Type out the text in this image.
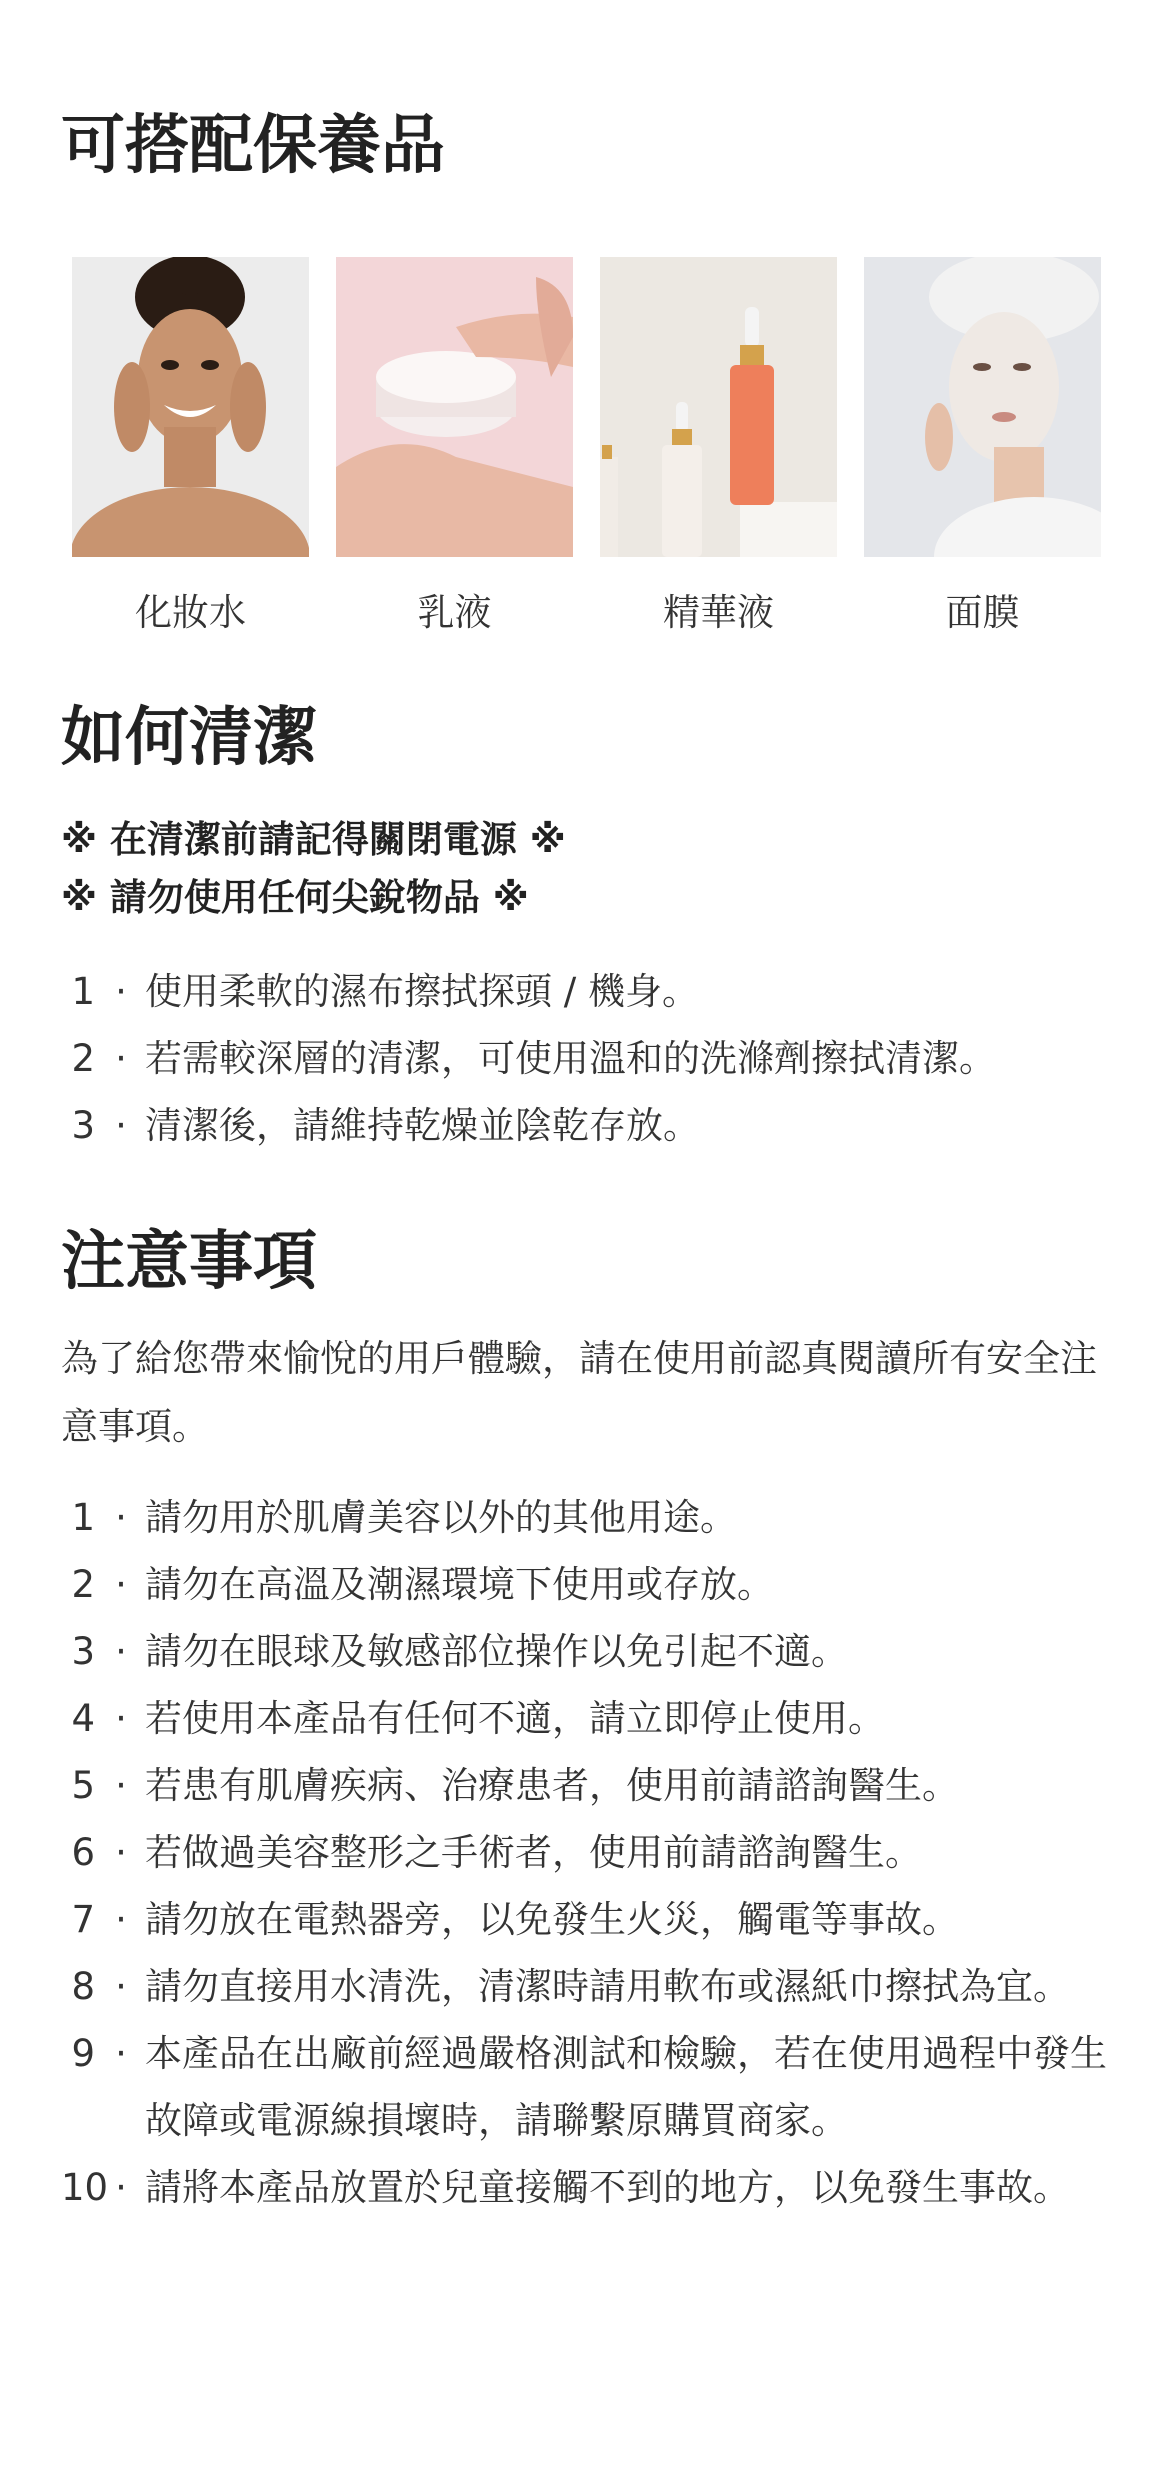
可搭配保養品
化妝水	乳液	精華液	面膜
如何清潔

※ 在清潔前請記得關閉電源 ※

※ 請勿使用任何尖銳物品 ※

1 · 使用柔軟的濕布擦拭探頭 / 機身。
2 · 若需較深層的清潔，可使用溫和的洗滌劑擦拭清潔。
3 · 清潔後，請維持乾燥並陰乾存放。
注意事項

為了給您帶來愉悅的用戶體驗，請在使用前認真閱讀所有安全注意事項。

1 · 請勿用於肌膚美容以外的其他用途。
2 · 請勿在高溫及潮濕環境下使用或存放。
3 · 請勿在眼球及敏感部位操作以免引起不適。
4 · 若使用本產品有任何不適，請立即停止使用。
5 · 若患有肌膚疾病、治療患者，使用前請諮詢醫生。
6 · 若做過美容整形之手術者，使用前請諮詢醫生。
7 · 請勿放在電熱器旁，以免發生火災，觸電等事故。
8 · 請勿直接用水清洗，清潔時請用軟布或濕紙巾擦拭為宜。
9 · 本產品在出廠前經過嚴格測試和檢驗，若在使用過程中發生故障或電源線損壞時，請聯繫原購買商家。
10 · 請將本產品放置於兒童接觸不到的地方，以免發生事故。
